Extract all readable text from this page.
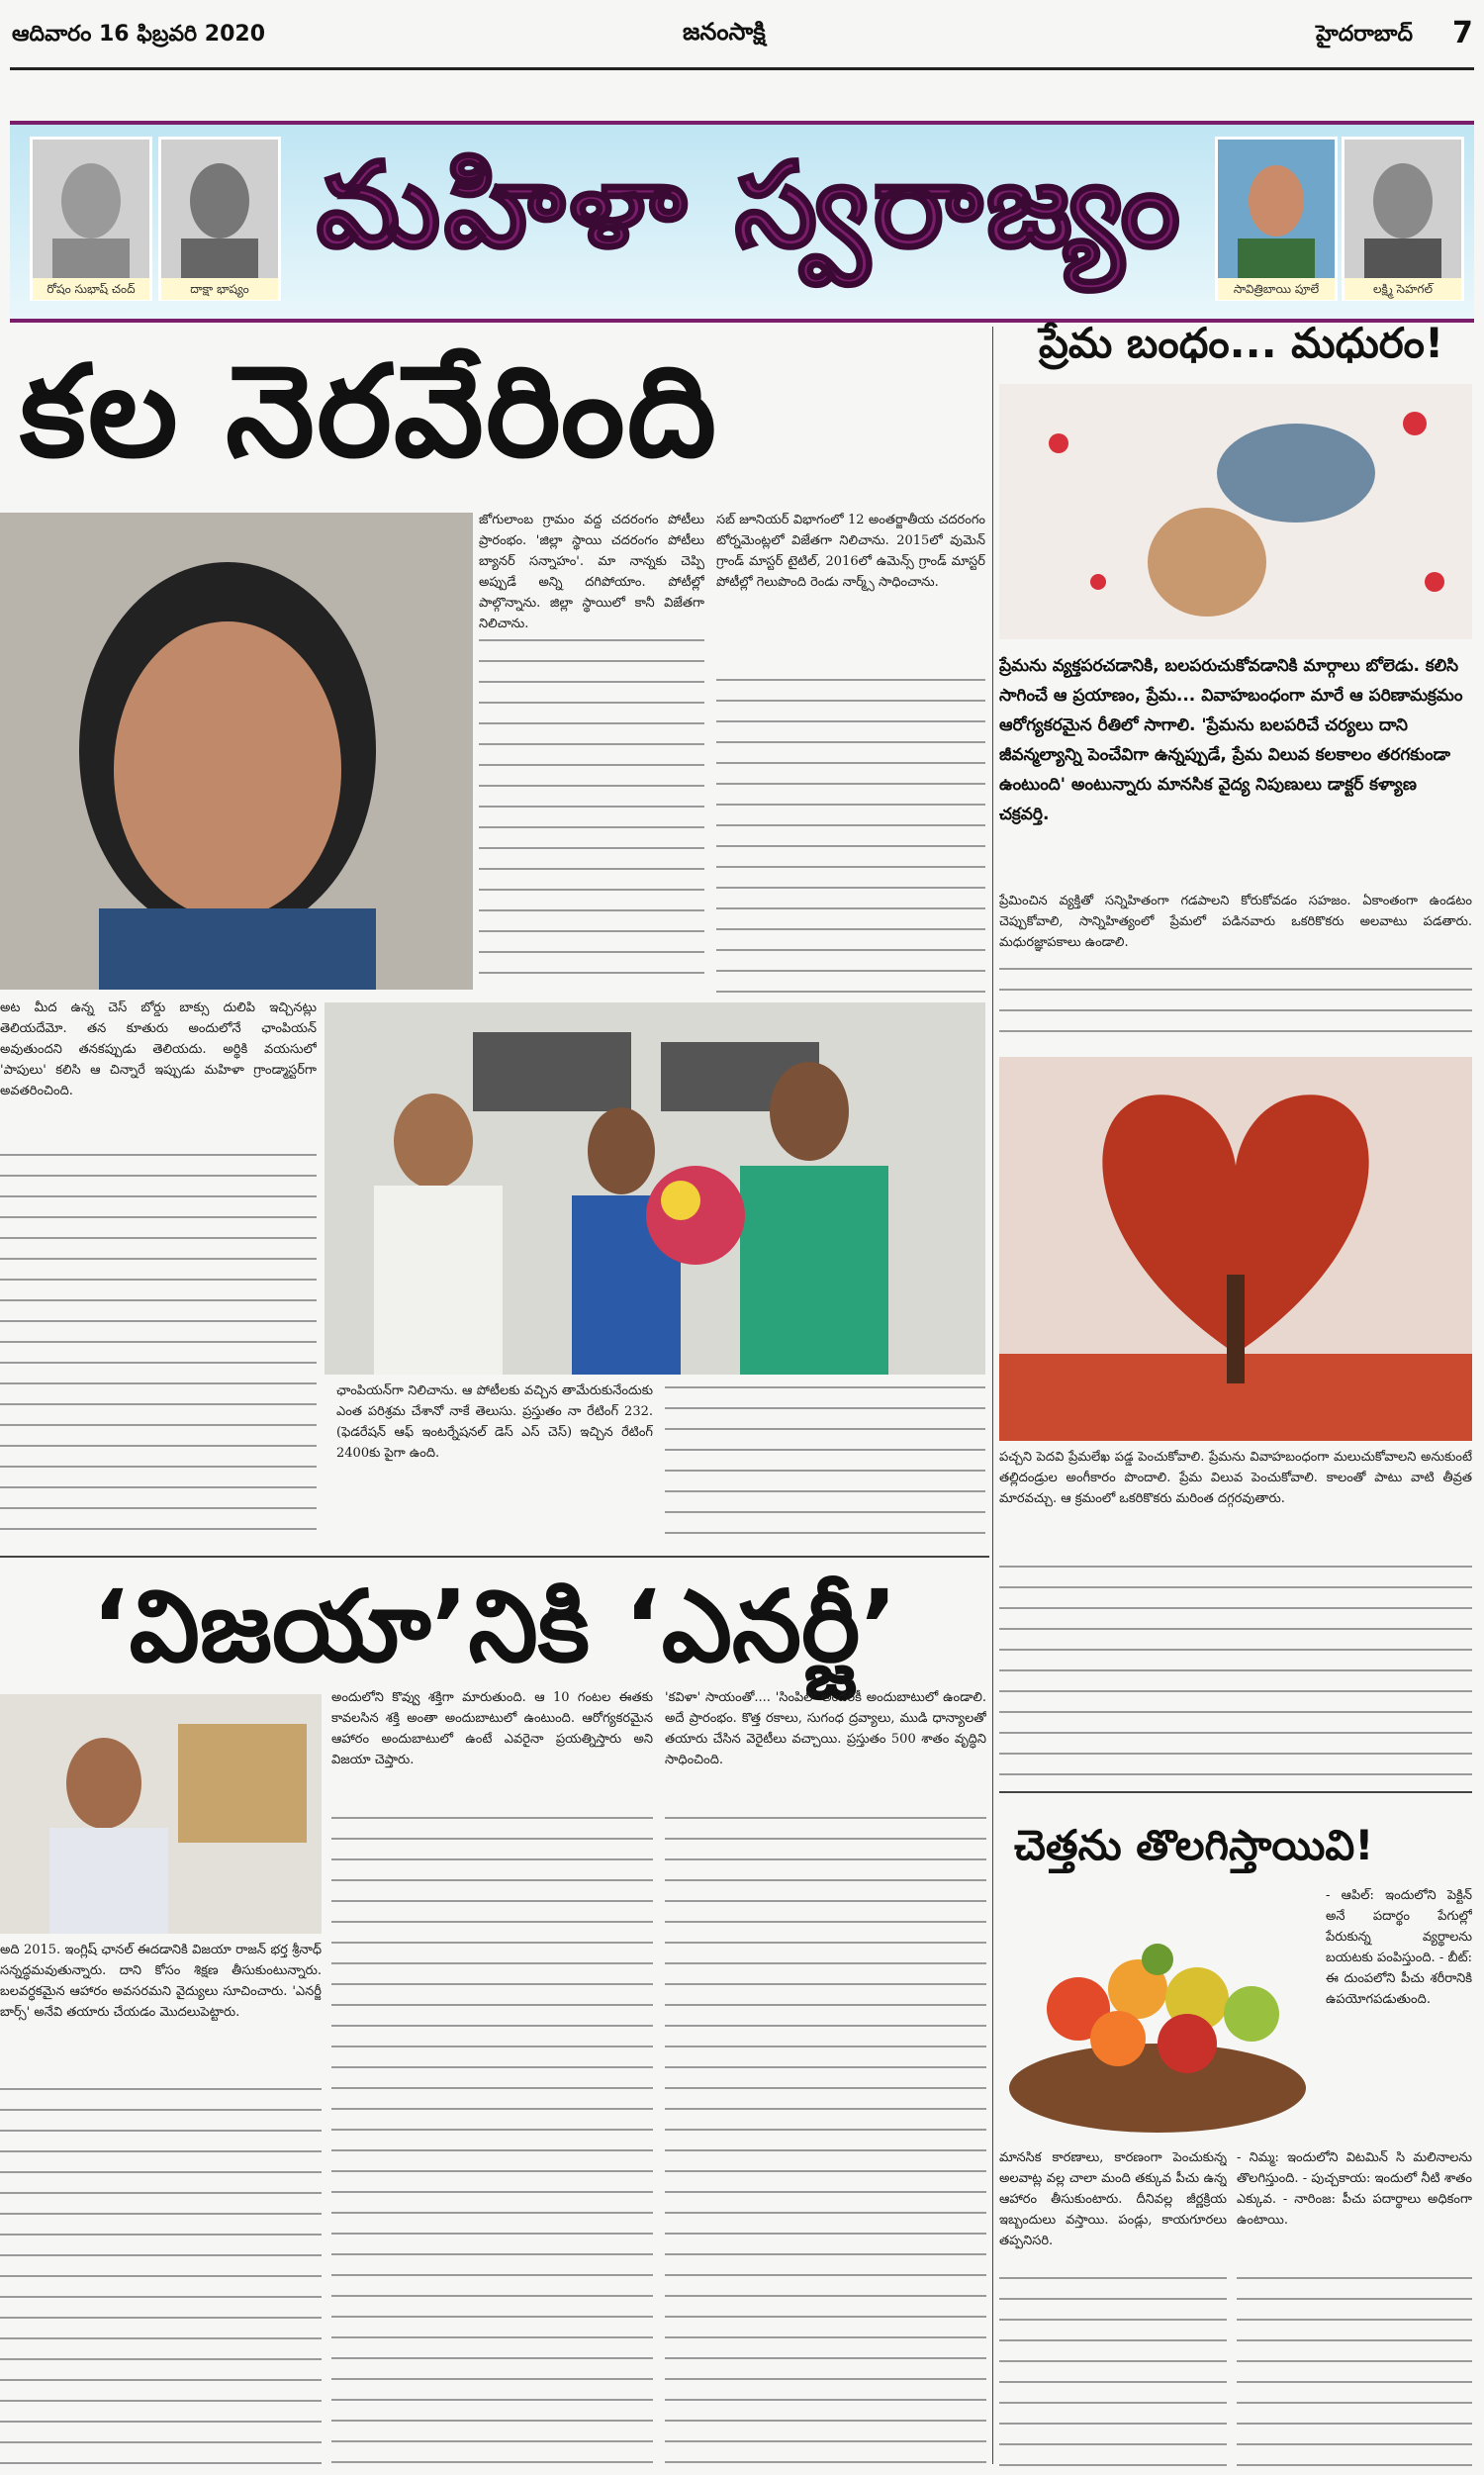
ఆదివారం 16 ఫిబ్రవరి 2020	జనంసాక్షి	హైదరాబాద్ 7
రోషం సుభాష్ చంద్	దాక్షా భాష్యం
మహిళా స్వరాజ్యం
సావిత్రిబాయి పూలే	లక్ష్మి సెహగల్
కల నెరవేరింది
జోగులాంబ గ్రామం వద్ద చదరంగం పోటీలు ప్రారంభం. 'జిల్లా స్థాయి చదరంగం పోటీలు బ్యానర్ సన్నాహం'. మా నాన్నకు చెప్పి అప్పుడే అన్ని దగిపోయాం. పోటీల్లో పాల్గొన్నాను. జిల్లా స్థాయిలో కానీ విజేతగా నిలిచాను.
సబ్ జూనియర్ విభాగంలో 12 అంతర్జాతీయ చదరంగం టోర్నమెంట్లలో విజేతగా నిలిచాను. 2015లో వుమెన్ గ్రాండ్ మాస్టర్ టైటిల్, 2016లో ఉమెన్స్ గ్రాండ్ మాస్టర్ పోటీల్లో గెలుపొంది రెండు నార్మ్స్ సాధించాను.
అట మీద ఉన్న చెస్ బోర్డు బాక్సు దులిపి ఇచ్చినట్లు తెలియదేమో. తన కూతురు అందులోనే ఛాంపియన్ అవుతుందని తనకప్పుడు తెలియదు. అర్థికి వయసులో 'పాపులు' కలిసి ఆ చిన్నారే ఇప్పుడు మహిళా గ్రాండ్మాస్టర్‌గా అవతరించింది.
ఛాంపియన్‌గా నిలిచాను. ఆ పోటీలకు వచ్చిన తామేరుకునేందుకు ఎంత పరిశ్రమ చేశానో నాకే తెలుసు. ప్రస్తుతం నా రేటింగ్ 232. (ఫెడరేషన్ ఆఫ్ ఇంటర్నేషనల్ డెస్ ఎస్ చెస్) ఇచ్చిన రేటింగ్ 2400కు పైగా ఉంది.
‘విజయా’నికి ‘ఎనర్జీ’
అది 2015. ఇంగ్లిష్ ఛానల్ ఈదడానికి విజయా రాజన్ భర్త శ్రీనాధ్ సన్నద్ధమవుతున్నారు. దాని కోసం శిక్షణ తీసుకుంటున్నారు. బలవర్ధకమైన ఆహారం అవసరమని వైద్యులు సూచించారు. 'ఎనర్జీ బార్స్' అనేవి తయారు చేయడం మొదలుపెట్టారు.
అందులోని కొవ్వు శక్తిగా మారుతుంది. ఆ 10 గంటల ఈతకు కావలసిన శక్తి అంతా అందుబాటులో ఉంటుంది. ఆరోగ్యకరమైన ఆహారం అందుబాటులో ఉంటే ఎవరైనా ప్రయత్నిస్తారు అని విజయా చెప్తారు.
'కవిళా' సాయంతో.... 'సింపిలి' అందరికీ అందుబాటులో ఉండాలి. అదే ప్రారంభం. కొత్త రకాలు, సుగంధ ద్రవ్యాలు, ముడి ధాన్యాలతో తయారు చేసిన వెరైటీలు వచ్చాయి. ప్రస్తుతం 500 శాతం వృద్ధిని సాధించింది.
ప్రేమ బంధం... మధురం!
ప్రేమను వ్యక్తపరచడానికి, బలపరుచుకోవడానికి మార్గాలు బోలెడు. కలిసి సాగించే ఆ ప్రయాణం, ప్రేమ... వివాహబంధంగా మారే ఆ పరిణామక్రమం ఆరోగ్యకరమైన రీతిలో సాగాలి. 'ప్రేమను బలపరిచే చర్యలు దాని జీవన్మల్యాన్ని పెంచేవిగా ఉన్నప్పుడే, ప్రేమ విలువ కలకాలం తరగకుండా ఉంటుంది' అంటున్నారు మానసిక వైద్య నిపుణులు డాక్టర్ కళ్యాణ చక్రవర్తి.
ప్రేమించిన వ్యక్తితో సన్నిహితంగా గడపాలని కోరుకోవడం సహజం. ఏకాంతంగా ఉండటం చెప్పుకోవాలి, సాన్నిహిత్యంలో ప్రేమలో పడినవారు ఒకరికొకరు అలవాటు పడతారు. మధురజ్ఞాపకాలు ఉండాలి.
పచ్చని పెదవి ప్రేమలేఖ పడ్డ పెంచుకోవాలి. ప్రేమను వివాహబంధంగా మలుచుకోవాలని అనుకుంటే తల్లిదండ్రుల అంగీకారం పొందాలి. ప్రేమ విలువ పెంచుకోవాలి. కాలంతో పాటు వాటి తీవ్రత మారవచ్చు. ఆ క్రమంలో ఒకరికొకరు మరింత దగ్గరవుతారు.
చెత్తను తొలగిస్తాయివి!
- ఆపిల్: ఇందులోని పెక్టిన్ అనే పదార్థం పేగుల్లో పేరుకున్న వ్యర్థాలను బయటకు పంపిస్తుంది. - బీట్: ఈ దుంపలోని పీచు శరీరానికి ఉపయోగపడుతుంది.
మానసిక కారణాలు, కారణంగా పెంచుకున్న అలవాట్ల వల్ల చాలా మంది తక్కువ పీచు ఉన్న ఆహారం తీసుకుంటారు. దీనివల్ల జీర్ణక్రియ ఇబ్బందులు వస్తాయి. పండ్లు, కాయగూరలు తప్పనిసరి.
- నిమ్మ: ఇందులోని విటమిన్ సి మలినాలను తొలగిస్తుంది. - పుచ్చకాయ: ఇందులో నీటి శాతం ఎక్కువ. - నారింజ: పీచు పదార్థాలు అధికంగా ఉంటాయి.
